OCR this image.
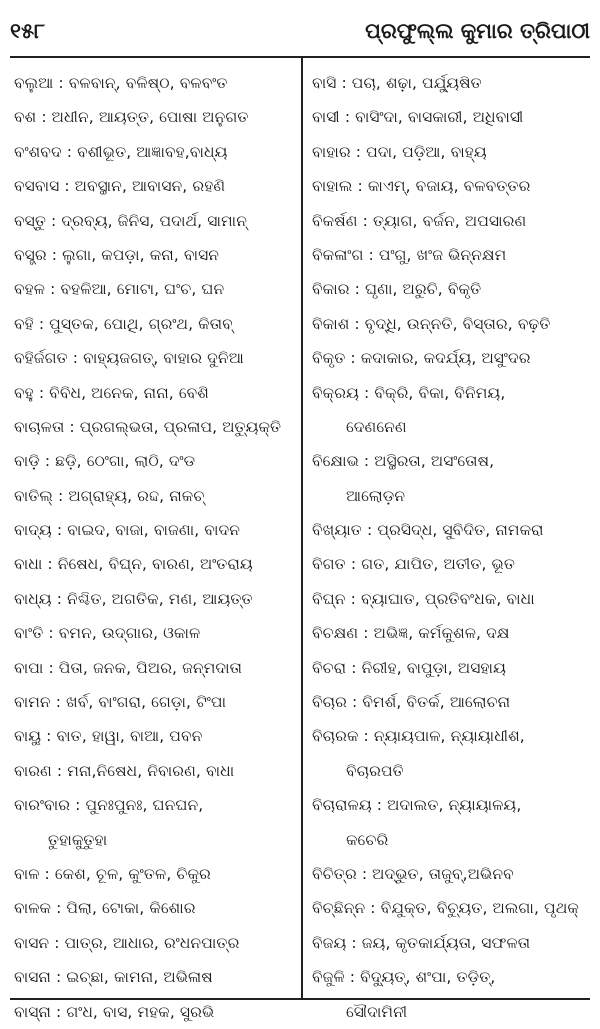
୧୫୮	ପ୍ରଫୁଲ୍ଲ କୁମାର ତ୍ରିପାଠୀ
ବଲୁଆ : ବଳବାନ୍, ବଳିଷ୍ଠ, ବଳବଂତ
ବଶ : ଅଧୀନ, ଆୟତ୍ତ, ପୋଷା ଅନୁଗତ
ବଂଶବଦ : ବଶୀଭୂତ, ଆଜ୍ଞାବହ,ବାଧ୍ୟ
ବସବାସ : ଅବସ୍ଥାନ, ଆବାସନ, ରହଣି
ବସ୍ତୁ : ଦ୍ରବ୍ୟ, ଜିନିସ, ପଦାର୍ଥ, ସାମାନ୍
ବସ୍ତ୍ର : ଲୁଗା, କପଡ଼ା, କନା, ବାସନ
ବହଳ : ବହଳିଆ, ମୋଟା, ଘଂଚ, ଘନ
ବହି : ପୁସ୍ତକ, ପୋଥି, ଗ୍ରଂଥ, କିତାବ୍
ବହିର୍ଜଗତ : ବାହ୍ୟଜଗତ୍, ବାହାର ଦୁନିଆ
ବହୁ : ବିବିଧ, ଅନେକ, ନାନା, ବେଶି
ବାଚାଳତା : ପ୍ରଗଲ୍‌ଭତା, ପ୍ରଳାପ, ଅତ୍ୟୁକ୍ତି
ବାଡ଼ି : ଛଡ଼ି, ଠେଂଗା, ଲାଠି, ଦଂଡ
ବାତିଲ୍ : ଅଗ୍ରାହ୍ୟ, ରଦ୍ଦ, ନାକଚ୍
ବାଦ୍ୟ : ବାଇଦ, ବାଜା, ବାଜଣା, ବାଦନ
ବାଧା : ନିଷେଧ, ବିଘ୍ନ, ବାରଣ, ଅଂତରାୟ
ବାଧ୍ୟ : ନିଶ୍ଚିତ, ଅଗତିକ, ମଣ, ଆୟତ୍ତ
ବାଂତି : ବମନ, ଉଦ୍‌ଗାର, ଓକାଳ
ବାପା : ପିତା, ଜନକ, ପିଅର, ଜନ୍ମଦାତା
ବାମନ : ଖର୍ବ, ବାଂଗରା, ଗେଡ଼ା, ଟିଂପା
ବାୟୁ : ବାତ, ହାୱା, ବାଆ, ପବନ
ବାରଣ : ମନା,ନିଷେଧ, ନିବାରଣ, ବାଧା
ବାରଂବାର : ପୁନଃପୁନଃ, ଘନଘନ,
ତୁହାକୁତୁହା
ବାଳ : କେଶ, ଚୂଳ, କୁଂତଳ, ଚିକୁର
ବାଳକ : ପିଲା, ଟୋକା, କିଶୋର
ବାସନ : ପାତ୍ର, ଆଧାର, ରଂଧନପାତ୍ର
ବାସନା : ଇଚ୍ଛା, କାମନା, ଅଭିଳାଷ
ବାସ୍ନା : ଗଂଧ, ବାସ, ମହକ, ସୁରଭି
ବାସି : ପଚା, ଶଢ଼ା, ପର୍ଯ୍ୟୁଷିତ
ବାସୀ : ବାସିଂଦା, ବାସକାରୀ, ଅଧିବାସୀ
ବାହାର : ପଦା, ପଡ଼ିଆ, ବାହ୍ୟ
ବାହାଲ : କାଏମ୍, ବଜାୟ, ବଳବତ୍ତର
ବିକର୍ଷଣ : ତ୍ୟାଗ, ବର୍ଜନ, ଅପସାରଣ
ବିକଳାଂଗ : ପଂଗୁ, ଖଂଜ ଭିନ୍ନକ୍ଷମ
ବିକାର : ଘୃଣା, ଅରୁଚି, ବିକୃତି
ବିକାଶ : ବୃଦ୍ଧି, ଉନ୍ନତି, ବିସ୍ତାର, ବଢ଼ତି
ବିକୃତ : କଦାକାର, କଦର୍ଯ୍ୟ, ଅସୁଂଦର
ବିକ୍ରୟ : ବିକ୍ରି, ବିକା, ବିନିମୟ,
ଦେଣନେଣ
ବିକ୍ଷୋଭ : ଅସ୍ଥିରତା, ଅସଂତୋଷ,
ଆଲୋଡ଼ନ
ବିଖ୍ୟାତ : ପ୍ରସିଦ୍ଧ, ସୁବିଦିତ, ନାମକରା
ବିଗତ : ଗତ, ଯାପିତ, ଅତୀତ, ଭୂତ
ବିଘ୍ନ : ବ୍ୟାଘାତ, ପ୍ରତିବଂଧକ, ବାଧା
ବିଚକ୍ଷଣ : ଅଭିଜ୍ଞ, କର୍ମକୁଶଳ, ଦକ୍ଷ
ବିଚରା : ନିରୀହ, ବାପୁଡ଼ା, ଅସହାୟ
ବିଚାର : ବିମର୍ଶ, ବିତର୍କ, ଆଲୋଚନା
ବିଚାରକ : ନ୍ୟାୟପାଳ, ନ୍ୟାୟାଧୀଶ,
ବିଚାରପତି
ବିଚାରାଳୟ : ଅଦାଲତ, ନ୍ୟାୟାଳୟ,
କଚେରି
ବିଚିତ୍ର : ଅଦ୍ଭୁତ, ତାଜୁବ୍,ଅଭିନବ
ବିଚ୍ଛିନ୍ନ : ବିଯୁକ୍ତ, ବିଚ୍ୟୁତ, ଅଲଗା, ପୃଥକ୍
ବିଜୟ : ଜୟ, କୃତକାର୍ଯ୍ୟତା, ସଫଳତା
ବିଜୁଳି : ବିଦ୍ୟୁତ୍, ଶଂପା, ତଡ଼ିତ୍,
ସୌଦାମିନୀ
